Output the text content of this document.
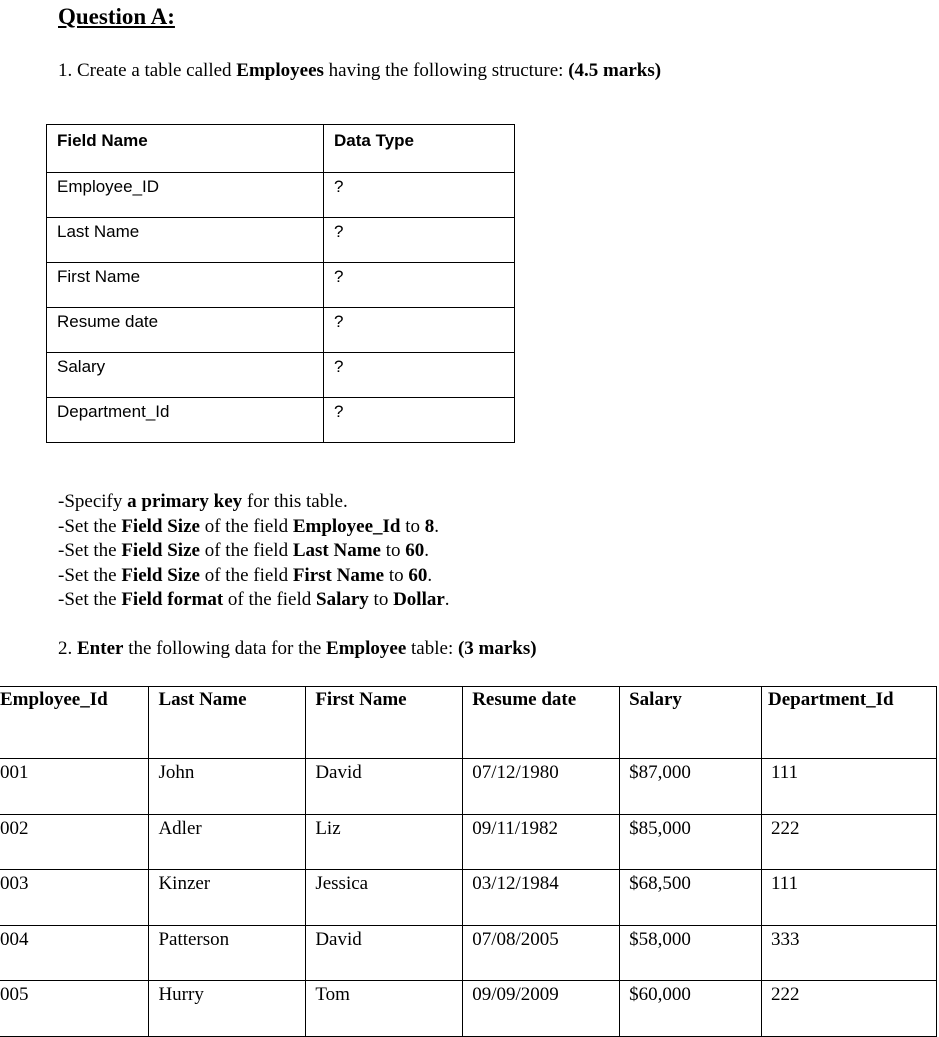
Question A:
1. Create a table called Employees having the following structure: (4.5 marks)
Field Name	Data Type
Employee_ID	?
Last Name	?
First Name	?
Resume date	?
Salary	?
Department_Id	?
-Specify a primary key for this table.
-Set the Field Size of the field Employee_Id to 8.
-Set the Field Size of the field Last Name to 60.
-Set the Field Size of the field First Name to 60.
-Set the Field format of the field Salary to Dollar.
2. Enter the following data for the Employee table: (3 marks)
Employee_Id	Last Name	First Name	Resume date	Salary	Department_Id
001	John	David	07/12/1980	$87,000	111
002	Adler	Liz	09/11/1982	$85,000	222
003	Kinzer	Jessica	03/12/1984	$68,500	111
004	Patterson	David	07/08/2005	$58,000	333
005	Hurry	Tom	09/09/2009	$60,000	222
